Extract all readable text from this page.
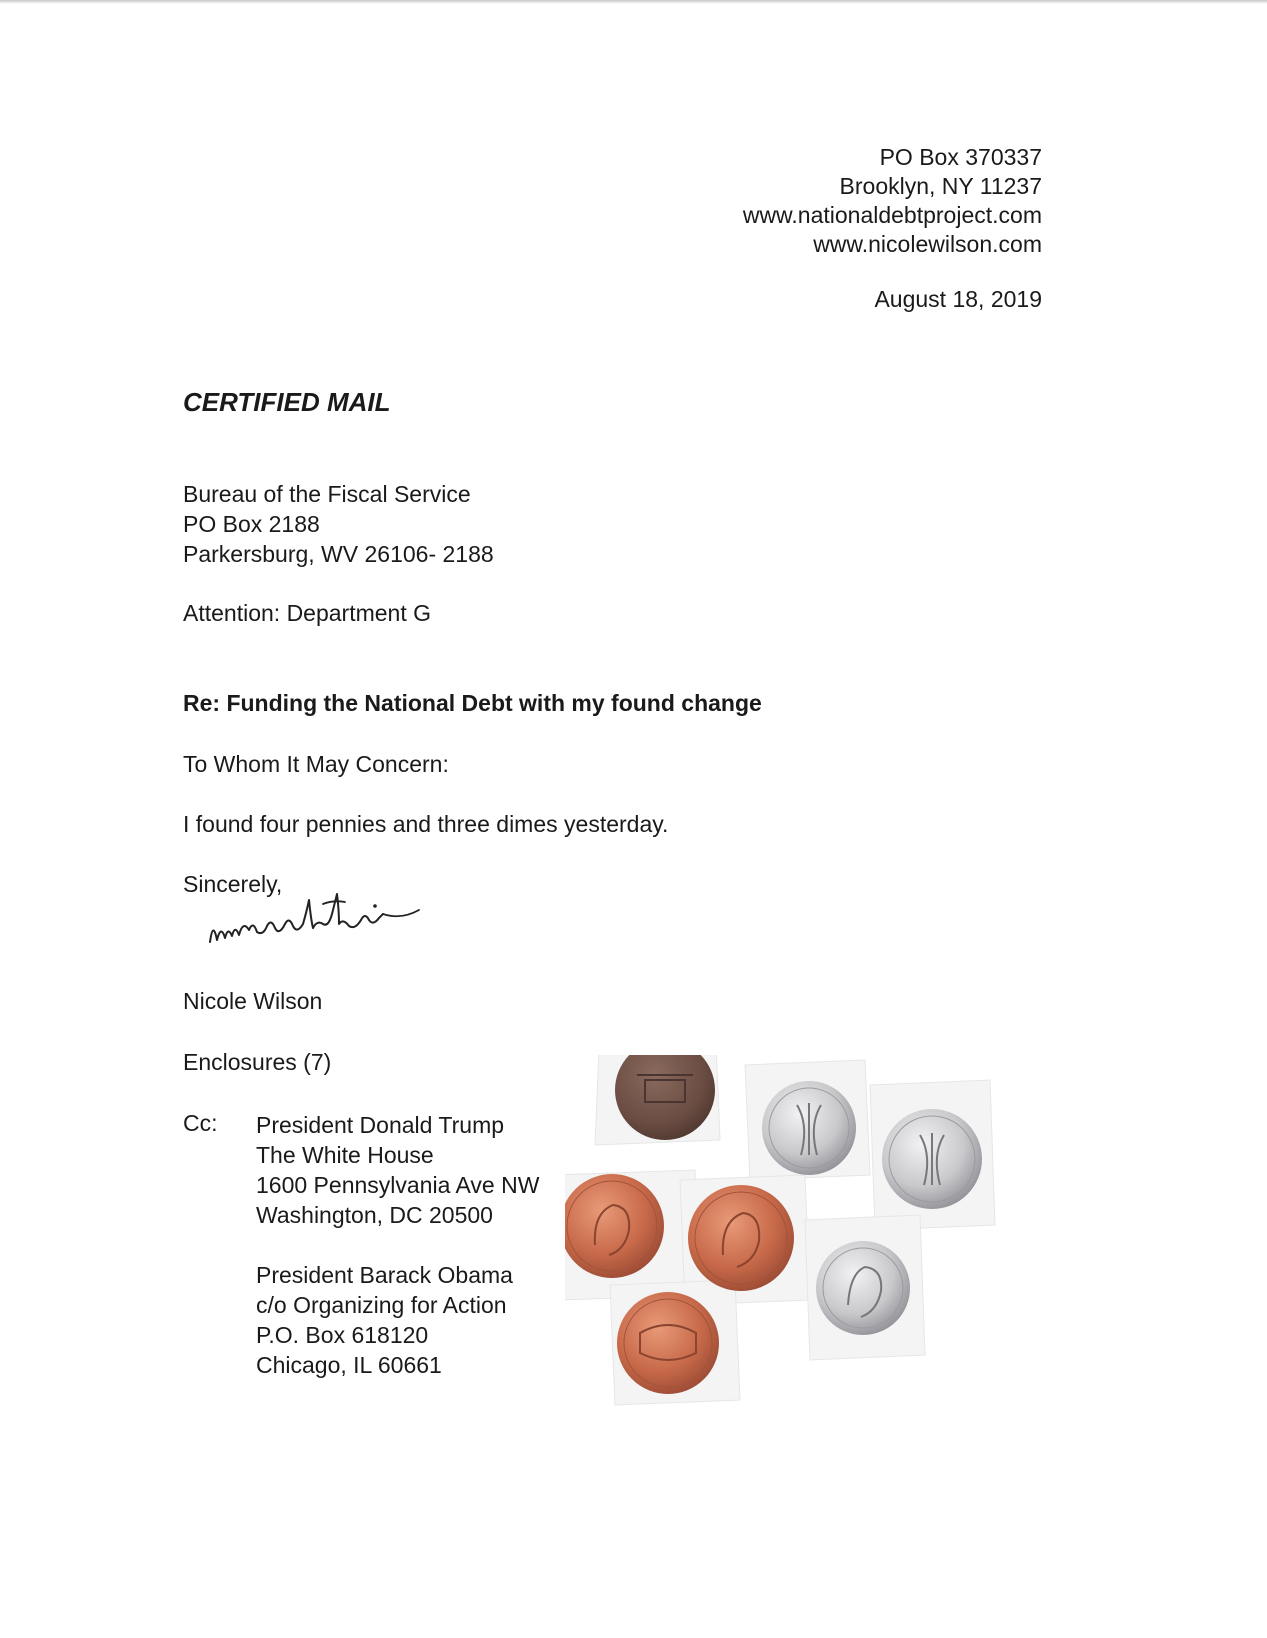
PO Box 370337
Brooklyn, NY 11237
www.nationaldebtproject.com
www.nicolewilson.com
August 18, 2019
CERTIFIED MAIL
Bureau of the Fiscal Service
PO Box 2188
Parkersburg, WV 26106- 2188
Attention: Department G
Re: Funding the National Debt with my found change
To Whom It May Concern:
I found four pennies and three dimes yesterday.
Sincerely,
Nicole Wilson
Enclosures (7)
Cc: President Donald Trump
The White House
1600 Pennsylvania Ave NW
Washington, DC 20500
President Barack Obama
c/o Organizing for Action
P.O. Box 618120
Chicago, IL 60661
